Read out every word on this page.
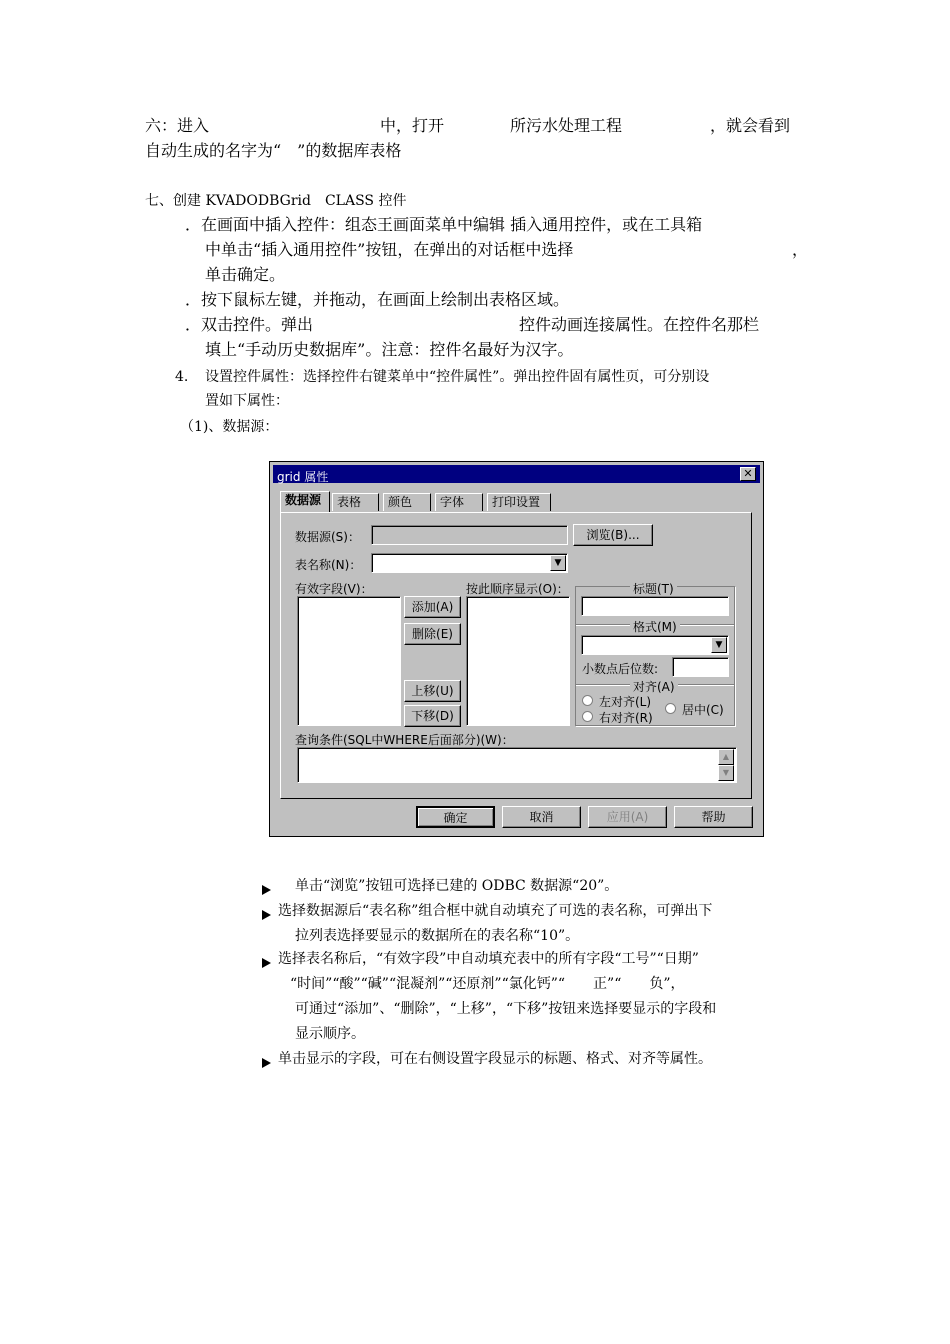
六：进入	中，打开	所污水处理工程	，就会看到
自动生成的名字为“　”的数据库表格
七、创建 KVADODBGrid　CLASS 控件
．在画面中插入控件：组态王画面菜单中编辑 插入通用控件，或在工具箱
中单击“插入通用控件”按钮，在弹出的对话框中选择	，
单击确定。
．按下鼠标左键，并拖动，在画面上绘制出表格区域。
．双击控件。弹出	控件动画连接属性。在控件名那栏
填上“手动历史数据库”。注意：控件名最好为汉字。
4. 设置控件属性：选择控件右键菜单中“控件属性”。弹出控件固有属性页，可分别设
置如下属性：
（1)、数据源：
grid 属性	✕
数据源	表格	颜色	字体	打印设置
数据源(S)：	浏览(B)...
表名称(N)：	▼
有效字段(V)：
添加(A)
删除(E)
上移(U)
下移(D)
按此顺序显示(O)：	标题(T)
格式(M)
▼
小数点后位数:
对齐(A)
左对齐(L)
右对齐(R)
居中(C)
查询条件(SQL中WHERE后面部分)(W)：
▲
▼
确定	取消	应用(A)	帮助
单击“浏览”按钮可选择已建的 ODBC 数据源“20”。
选择数据源后“表名称”组合框中就自动填充了可选的表名称，可弹出下
拉列表选择要显示的数据所在的表名称“10”。
选择表名称后，“有效字段”中自动填充表中的所有字段“工号”“日期”
“时间”“酸”“碱”“混凝剂”“还原剂”“氯化钙”“　　正”“　　负”，
可通过“添加”、“删除”，“上移”，“下移”按钮来选择要显示的字段和
显示顺序。
单击显示的字段，可在右侧设置字段显示的标题、格式、对齐等属性。
